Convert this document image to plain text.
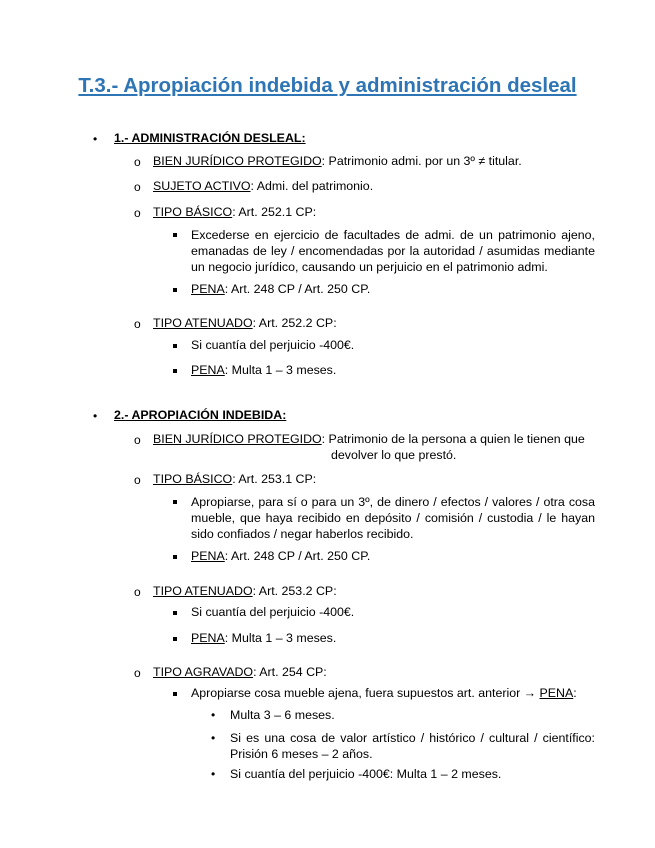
T.3.- Apropiación indebida y administración desleal
• 1.- ADMINISTRACIÓN DESLEAL:
o BIEN JURÍDICO PROTEGIDO: Patrimonio admi. por un 3º ≠ titular.
o SUJETO ACTIVO: Admi. del patrimonio.
o TIPO BÁSICO: Art. 252.1 CP:
Excederse en ejercicio de facultades de admi. de un patrimonio ajeno, emanadas de ley / encomendadas por la autoridad / asumidas mediante un negocio jurídico, causando un perjuicio en el patrimonio admi.
PENA: Art. 248 CP / Art. 250 CP.
o TIPO ATENUADO: Art. 252.2 CP:
Si cuantía del perjuicio -400€.
PENA: Multa 1 – 3 meses.
• 2.- APROPIACIÓN INDEBIDA:
o BIEN JURÍDICO PROTEGIDO: Patrimonio de la persona a quien le tienen que
devolver lo que prestó.
o TIPO BÁSICO: Art. 253.1 CP:
Apropiarse, para sí o para un 3º, de dinero / efectos / valores / otra cosa mueble, que haya recibido en depósito / comisión / custodia / le hayan sido confiados / negar haberlos recibido.
PENA: Art. 248 CP / Art. 250 CP.
o TIPO ATENUADO: Art. 253.2 CP:
Si cuantía del perjuicio -400€.
PENA: Multa 1 – 3 meses.
o TIPO AGRAVADO: Art. 254 CP:
Apropiarse cosa mueble ajena, fuera supuestos art. anterior → PENA:
• Multa 3 – 6 meses.
• Si es una cosa de valor artístico / histórico / cultural / científico: Prisión 6 meses – 2 años.
• Si cuantía del perjuicio -400€: Multa 1 – 2 meses.
